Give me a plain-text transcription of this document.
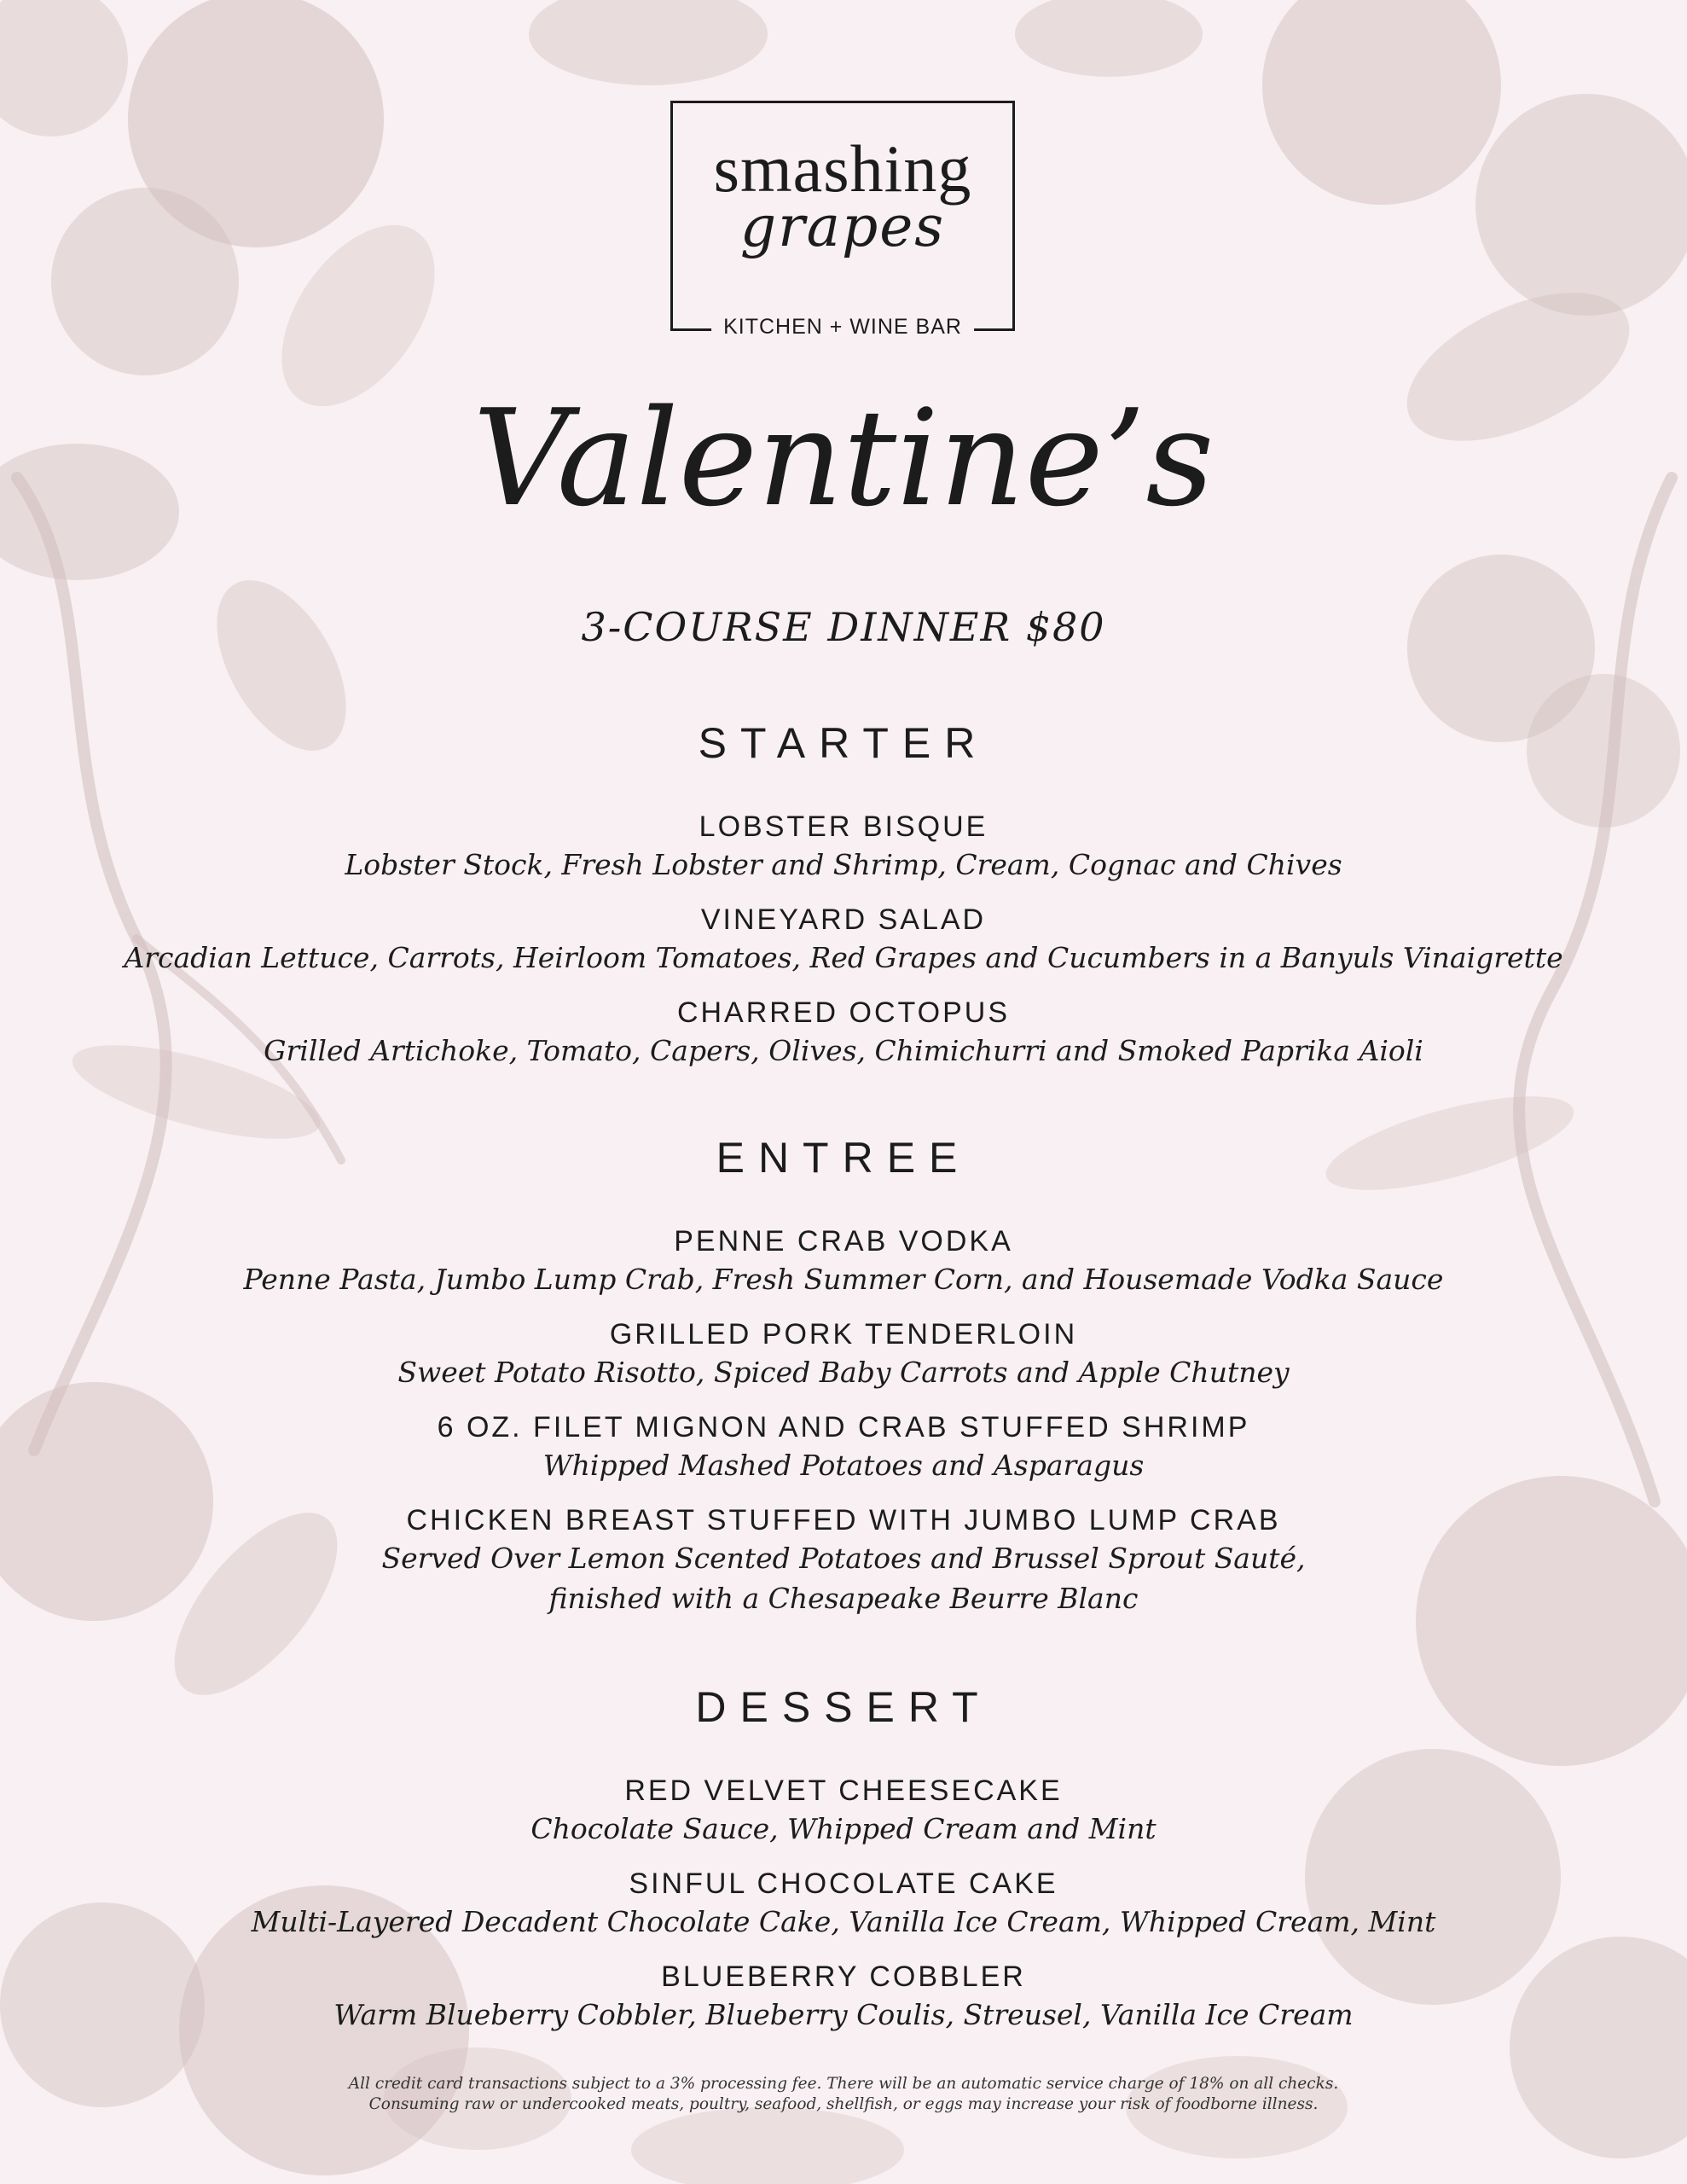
smashing
grapes
KITCHEN + WINE BAR
Valentine’s
3-COURSE DINNER $80
STARTER
LOBSTER BISQUE
Lobster Stock, Fresh Lobster and Shrimp, Cream, Cognac and Chives
VINEYARD SALAD
Arcadian Lettuce, Carrots, Heirloom Tomatoes, Red Grapes and Cucumbers in a Banyuls Vinaigrette
CHARRED OCTOPUS
Grilled Artichoke, Tomato, Capers, Olives, Chimichurri and Smoked Paprika Aioli
ENTREE
PENNE CRAB VODKA
Penne Pasta, Jumbo Lump Crab, Fresh Summer Corn, and Housemade Vodka Sauce
GRILLED PORK TENDERLOIN
Sweet Potato Risotto, Spiced Baby Carrots and Apple Chutney
6 OZ. FILET MIGNON AND CRAB STUFFED SHRIMP
Whipped Mashed Potatoes and Asparagus
CHICKEN BREAST STUFFED WITH JUMBO LUMP CRAB
Served Over Lemon Scented Potatoes and Brussel Sprout Sauté,
finished with a Chesapeake Beurre Blanc
DESSERT
RED VELVET CHEESECAKE
Chocolate Sauce, Whipped Cream and Mint
SINFUL CHOCOLATE CAKE
Multi-Layered Decadent Chocolate Cake, Vanilla Ice Cream, Whipped Cream, Mint
BLUEBERRY COBBLER
Warm Blueberry Cobbler, Blueberry Coulis, Streusel, Vanilla Ice Cream
All credit card transactions subject to a 3% processing fee. There will be an automatic service charge of 18% on all checks.
Consuming raw or undercooked meats, poultry, seafood, shellfish, or eggs may increase your risk of foodborne illness.
